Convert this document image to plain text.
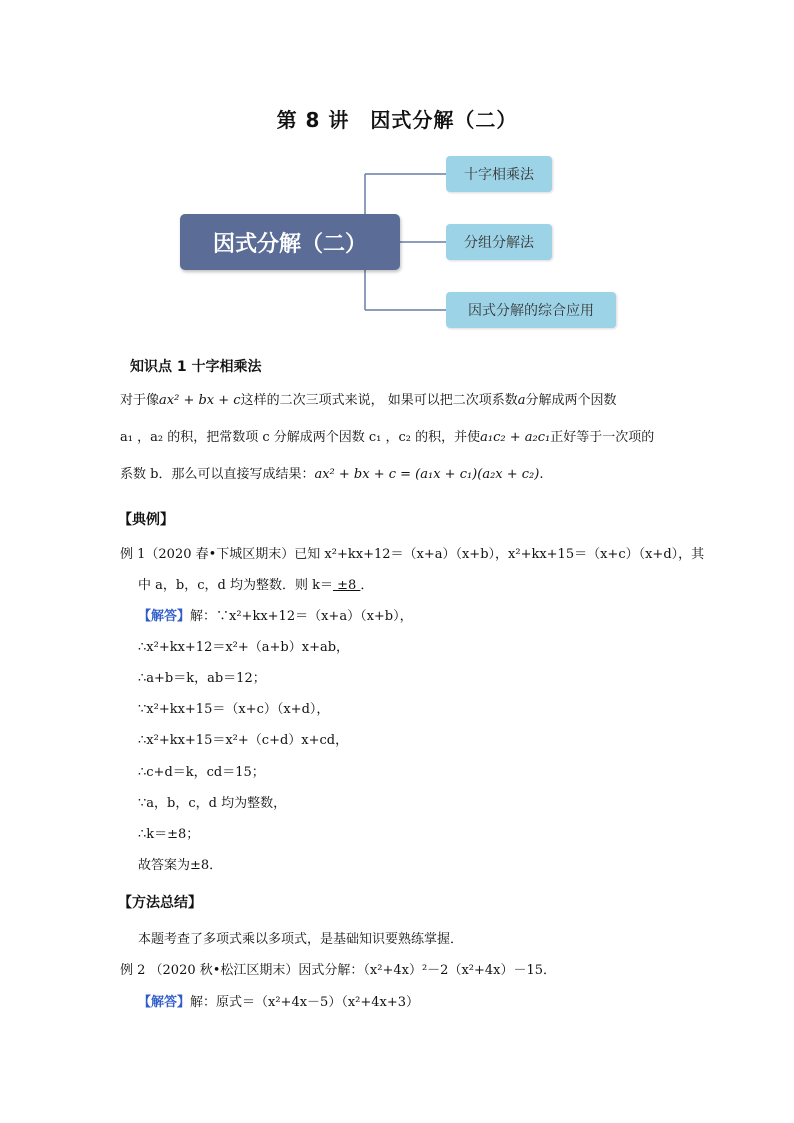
第 8 讲　因式分解（二）
因式分解（二）
十字相乘法
分组分解法
因式分解的综合应用
知识点 1 十字相乘法
对于像ax² + bx + c这样的二次三项式来说， 如果可以把二次项系数a分解成两个因数
a₁ ，a₂ 的积，把常数项 c 分解成两个因数 c₁ ，c₂ 的积，并使a₁c₂ + a₂c₁正好等于一次项的
系数 b．那么可以直接写成结果：ax² + bx + c = (a₁x + c₁)(a₂x + c₂).
【典例】
例 1（2020 春•下城区期末）已知 x²+kx+12＝（x+a）（x+b），x²+kx+15＝（x+c）（x+d），其
中 a，b，c，d 均为整数．则 k＝ ±8 ．
【解答】解：∵x²+kx+12＝（x+a）（x+b），
∴x²+kx+12＝x²+（a+b）x+ab，
∴a+b＝k，ab＝12；
∵x²+kx+15＝（x+c）（x+d），
∴x²+kx+15＝x²+（c+d）x+cd，
∴c+d＝k，cd＝15；
∵a，b，c，d 均为整数，
∴k＝±8；
故答案为±8．
【方法总结】
本题考查了多项式乘以多项式，是基础知识要熟练掌握．
例 2 （2020 秋•松江区期末）因式分解：（x²+4x）²－2（x²+4x）－15．
【解答】解：原式＝（x²+4x－5）（x²+4x+3）
